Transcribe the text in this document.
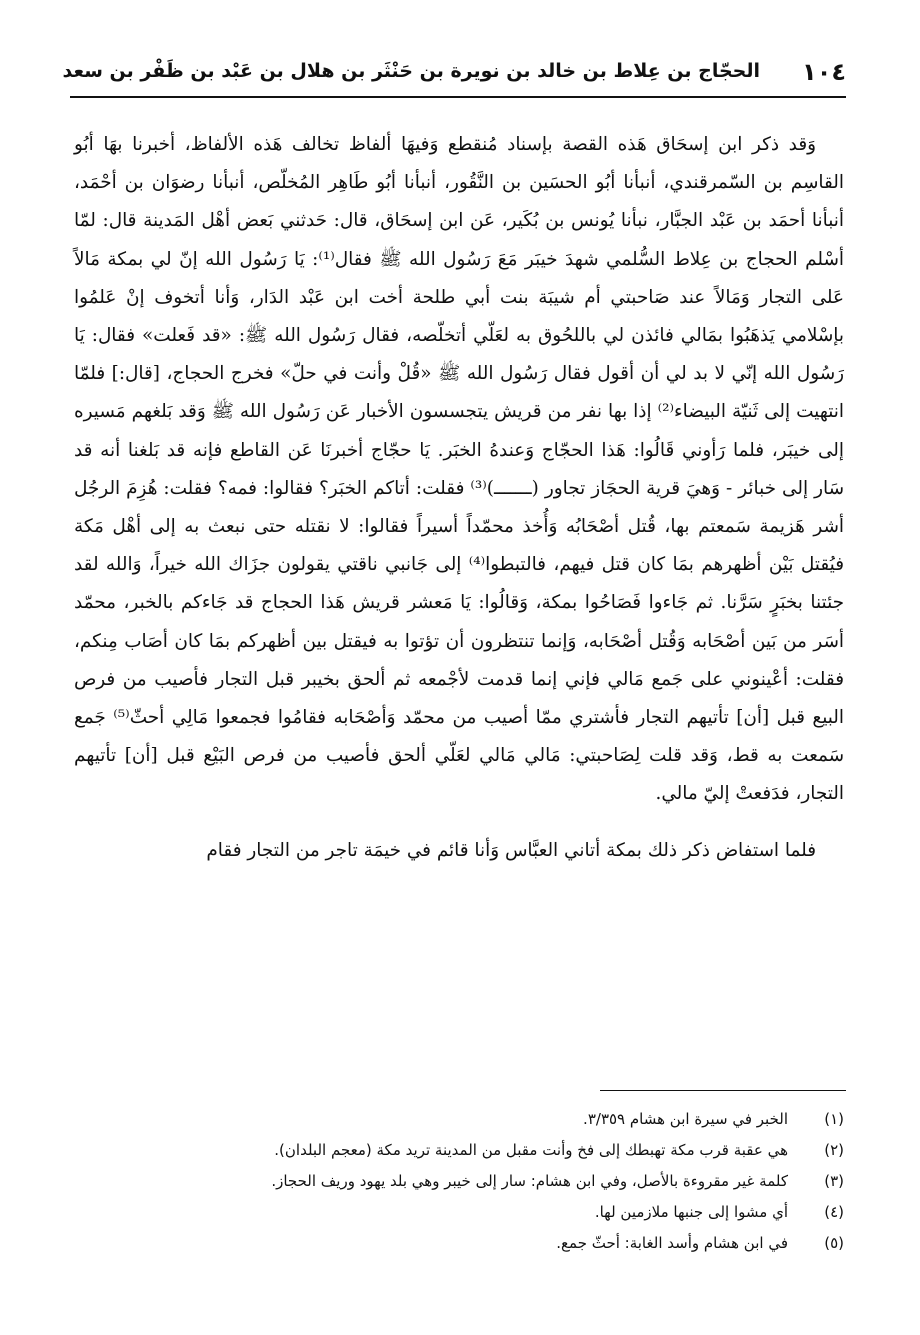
١٠٤
الحجّاج بن عِلاط بن خالد بن نويرة بن حَنْثَر بن هلال بن عَبْد بن ظَفْر بن سعد

وَقد ذكر ابن إسحَاق هَذه القصة بإسناد مُنقطع وَفيهَا ألفاظ تخالف هَذه الألفاظ، أخبرنا بهَا أبُو القاسِم بن السّمرقندي، أنبأنا أبُو الحسَين بن النَّقُور، أنبأنا أبُو طَاهِر المُخلّص، أنبأنا رضوَان بن أحْمَد، أنبأنا أحمَد بن عَبْد الجبَّار، نبأنا يُونس بن بُكَير، عَن ابن إسحَاق، قال: حَدثني بَعض أهْل المَدينة قال: لمّا أسْلم الحجاج بن عِلاط السُّلمي شهدَ خيبَر مَعَ رَسُول الله ﷺ فقال⁽¹⁾: يَا رَسُول الله إنّ لي بمكة مَالاً عَلى التجار وَمَالاً عند صَاحبتي أم شيبَة بنت أبي طلحة أخت ابن عَبْد الدَار، وَأنا أتخوف إنْ عَلمُوا بإسْلامي يَذهَبُوا بمَالي فائذن لي باللحُوق به لعَلّي أتخلّصه، فقال رَسُول الله ﷺ: «قد فَعلت» فقال: يَا رَسُول الله إنّي لا بد لي أن أقول فقال رَسُول الله ﷺ «قُلْ وأنت في حلّ» فخرج الحجاج، [قال:] فلمّا انتهيت إلى ثَنيّة البيضاء⁽²⁾ إذا بها نفر من قريش يتجسسون الأخبار عَن رَسُول الله ﷺ وَقد بَلغهم مَسيره إلى خيبَر، فلما رَأوني قَالُوا: هَذا الحجّاج وَعندهُ الخبَر. يَا حجّاج أخبرنَا عَن القاطع فإنه قد بَلغنا أنه قد سَار إلى خبائر - وَهيَ قرية الحجَاز تجاور (ـــــــ)⁽³⁾ فقلت: أتاكم الخبَر؟ فقالوا: فمه؟ فقلت: هُزِمَ الرجُل أشر هَزيمة سَمعتم بها، قُتل أصْحَابُه وَأُخذ محمّداً أسيراً فقالوا: لا نقتله حتى نبعث به إلى أهْل مَكة فيُقتل بَيْن أظهرهم بمَا كان قتل فيهم، فالتبطوا⁽⁴⁾ إلى جَانبي ناقتي يقولون جزَاك الله خيراً، وَالله لقد جئتنا بخبَرٍ سَرَّنا. ثم جَاءوا فَصَاحُوا بمكة، وَقالُوا: يَا مَعشر قريش هَذا الحجاج قد جَاءكم بالخبر، محمّد أسَر من بَين أصْحَابه وَقُتل أصْحَابه، وَإنما تنتظرون أن تؤتوا به فيقتل بين أظهركم بمَا كان أصَاب مِنكم، فقلت: أعْينوني على جَمع مَالي فإني إنما قدمت لأجْمعه ثم ألحق بخيبر قبل التجار فأصيب من فرص البيع قبل [أن] تأتيهم التجار فأشتري ممّا أصيب من محمّد وَأصْحَابه فقامُوا فجمعوا مَالِي أحثّ⁽⁵⁾ جَمع سَمعت به قط، وَقد قلت لِصَاحبتي: مَالي مَالي لعَلّي ألحق فأصيب من فرص البَيْع قبل [أن] تأتيهم التجار، فدَفعتْ إليّ مالي.

فلما استفاض ذكر ذلك بمكة أتاني العبَّاس وَأنا قائم في خيمَة تاجر من التجار فقام

(١)
الخبر في سيرة ابن هشام ٣/٣٥٩.
(٢)
هي عقبة قرب مكة تهبطك إلى فخ وأنت مقبل من المدينة تريد مكة (معجم البلدان).
(٣)
كلمة غير مقروءة بالأصل، وفي ابن هشام: سار إلى خيبر وهي بلد يهود وريف الحجاز.
(٤)
أي مشوا إلى جنبها ملازمين لها.
(٥)
في ابن هشام وأسد الغابة: أحثّ جمع.
